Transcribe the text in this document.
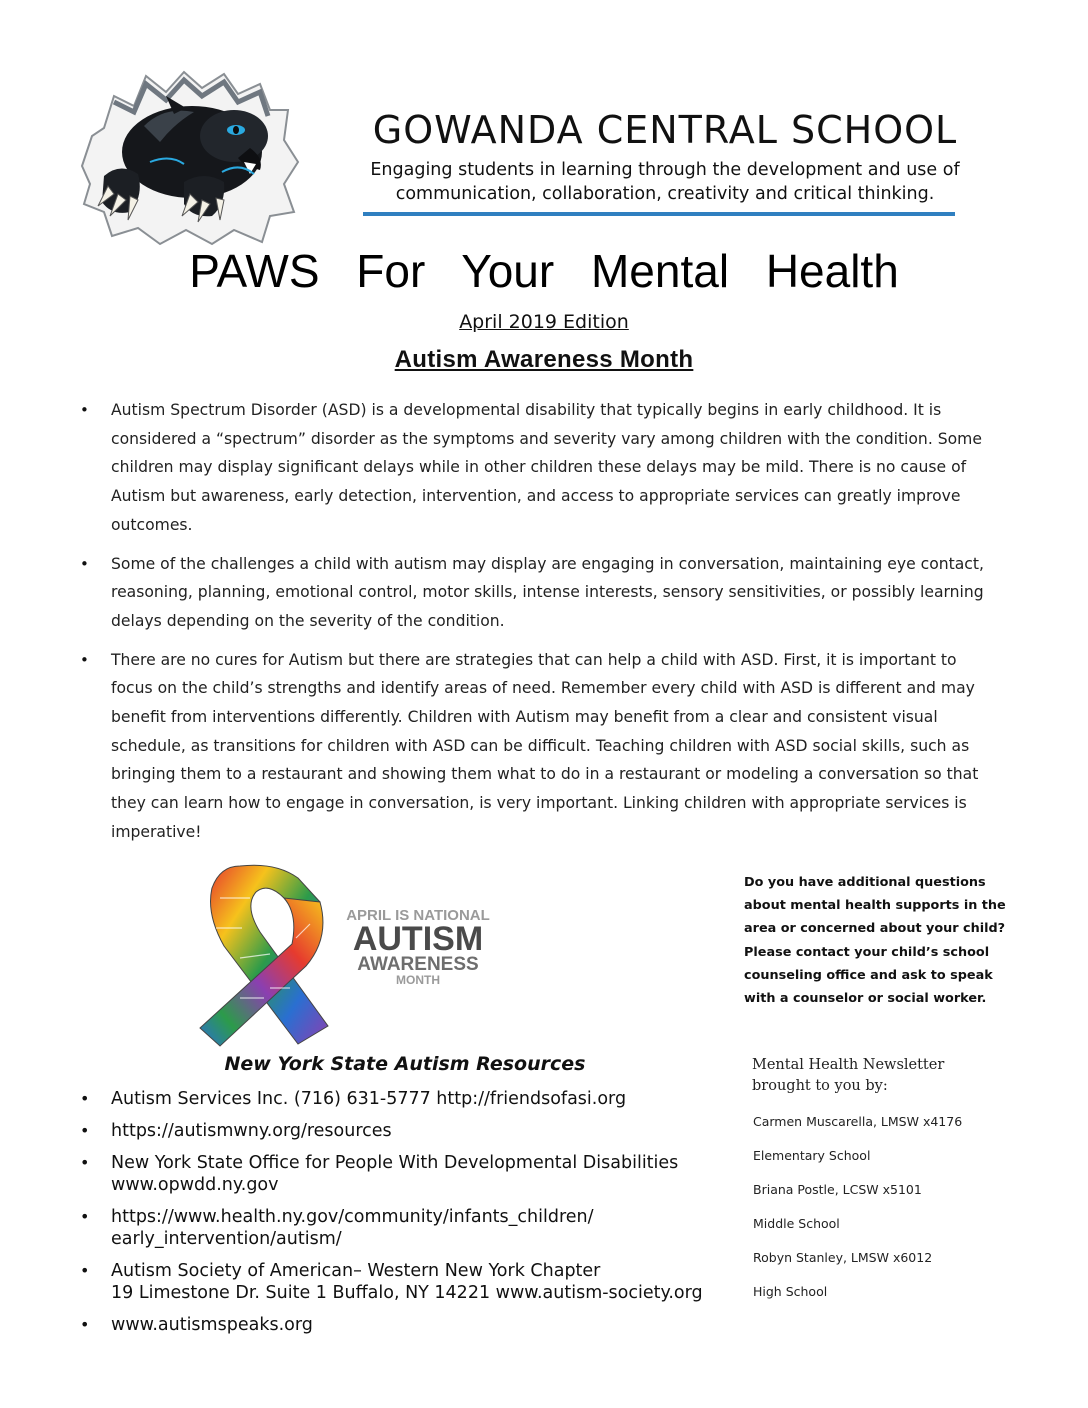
GOWANDA CENTRAL SCHOOL
Engaging students in learning through the development and use of
communication, collaboration, creativity and critical thinking.
PAWS For Your Mental Health
April 2019 Edition
Autism Awareness Month
• Autism Spectrum Disorder (ASD) is a developmental disability that typically begins in early childhood. It is considered a “spectrum” disorder as the symptoms and severity vary among children with the condition. Some children may display significant delays while in other children these delays may be mild. There is no cause of Autism but awareness, early detection, intervention, and access to appropriate services can greatly improve outcomes.
• Some of the challenges a child with autism may display are engaging in conversation, maintaining eye contact, reasoning, planning, emotional control, motor skills, intense interests, sensory sensitivities, or possibly learning delays depending on the severity of the condition.
• There are no cures for Autism but there are strategies that can help a child with ASD. First, it is important to focus on the child’s strengths and identify areas of need. Remember every child with ASD is different and may benefit from interventions differently. Children with Autism may benefit from a clear and consistent visual schedule, as transitions for children with ASD can be difficult. Teaching children with ASD social skills, such as bringing them to a restaurant and showing them what to do in a restaurant or modeling a conversation so that they can learn how to engage in conversation, is very important. Linking children with appropriate services is imperative!
APRIL IS NATIONAL
AUTISM
AWARENESS
MONTH
Do you have additional questions about mental health supports in the area or concerned about your child? Please contact your child’s school counseling office and ask to speak with a counselor or social worker.
New York State Autism Resources
• Autism Services Inc. (716) 631-5777 http://friendsofasi.org
• https://autismwny.org/resources
• New York State Office for People With Developmental Disabilities
www.opwdd.ny.gov
• https://www.health.ny.gov/community/infants_children/
early_intervention/autism/
• Autism Society of American– Western New York Chapter
19 Limestone Dr. Suite 1 Buffalo, NY 14221 www.autism-society.org
• www.autismspeaks.org
Mental Health Newsletter
brought to you by:
Carmen Muscarella, LMSW x4176
Elementary School
Briana Postle, LCSW x5101
Middle School
Robyn Stanley, LMSW x6012
High School
